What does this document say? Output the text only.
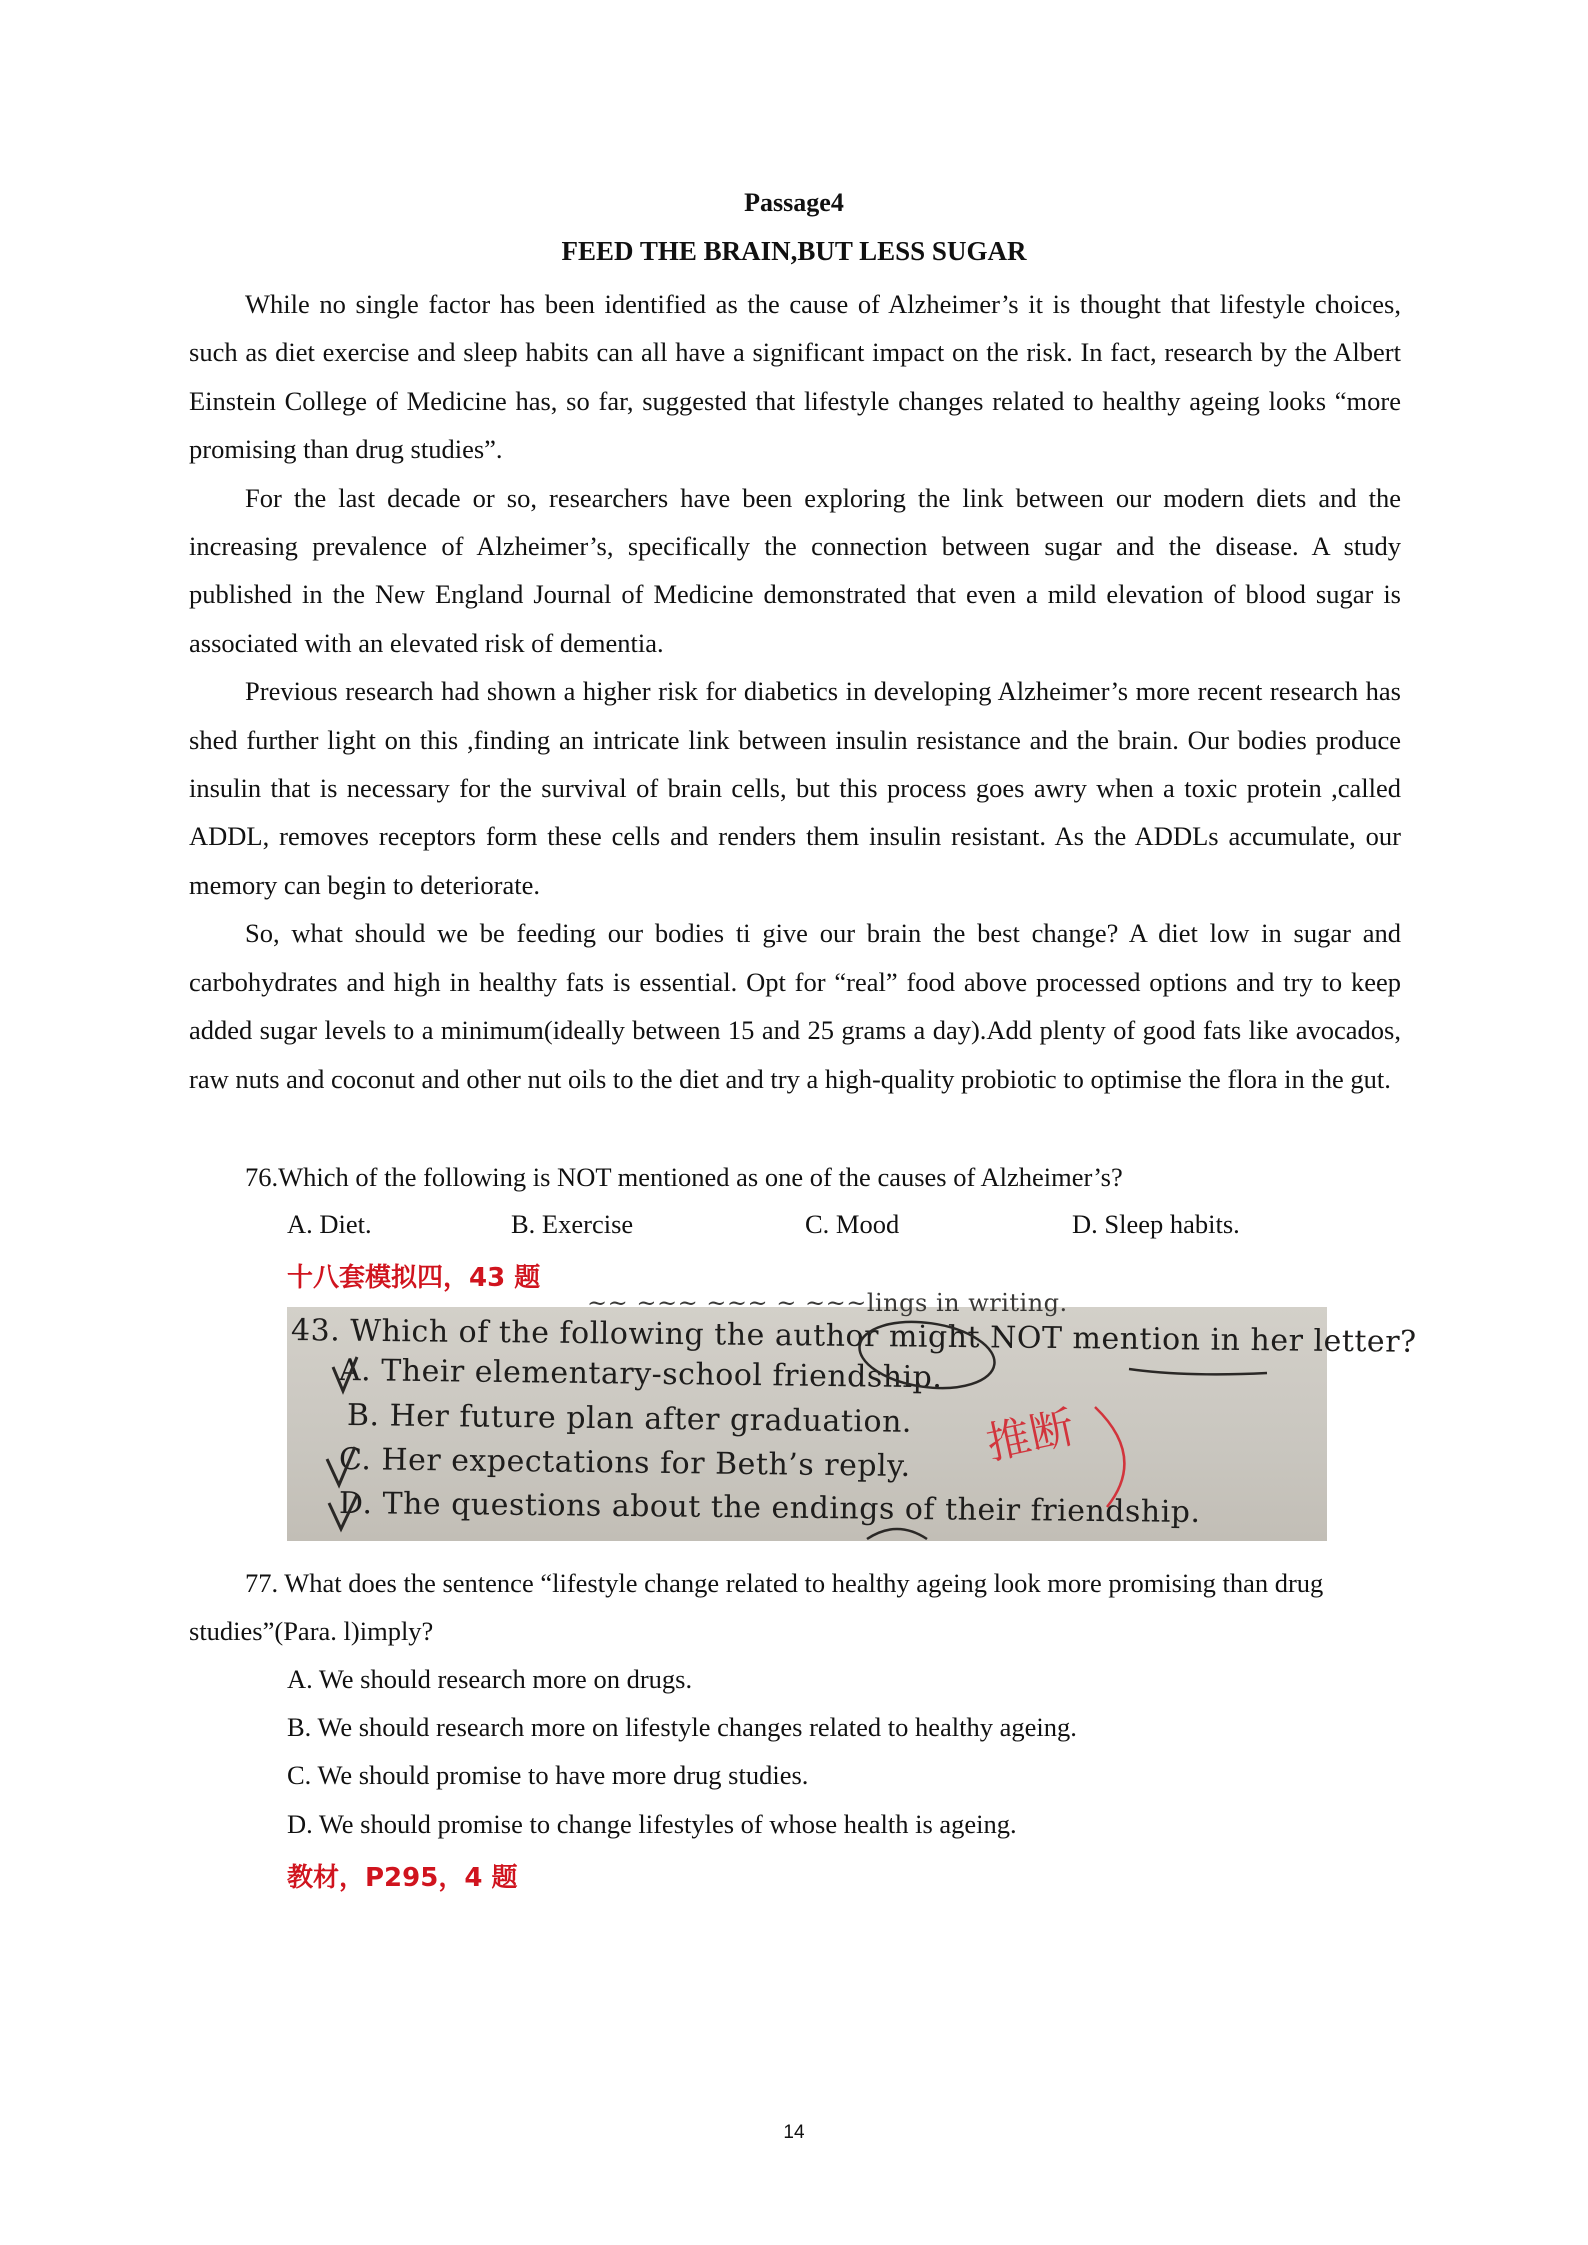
Passage4
FEED THE BRAIN,BUT LESS SUGAR

While no single factor has been identified as the cause of Alzheimer’s it is thought that lifestyle choices, such as diet exercise and sleep habits can all have a significant impact on the risk. In fact, research by the Albert Einstein College of Medicine has, so far, suggested that lifestyle changes related to healthy ageing looks “more promising than drug studies”.

For the last decade or so, researchers have been exploring the link between our modern diets and the increasing prevalence of Alzheimer’s, specifically the connection between sugar and the disease. A study published in the New England Journal of Medicine demonstrated that even a mild elevation of blood sugar is associated with an elevated risk of dementia.

Previous research had shown a higher risk for diabetics in developing Alzheimer’s more recent research has shed further light on this ,finding an intricate link between insulin resistance and the brain. Our bodies produce insulin that is necessary for the survival of brain cells, but this process goes awry when a toxic protein ,called ADDL, removes receptors form these cells and renders them insulin resistant. As the ADDLs accumulate, our memory can begin to deteriorate.

So, what should we be feeding our bodies ti give our brain the best change? A diet low in sugar and carbohydrates and high in healthy fats is essential. Opt for “real” food above processed options and try to keep added sugar levels to a minimum(ideally between 15 and 25 grams a day).Add plenty of good fats like avocados, raw nuts and coconut and other nut oils to the diet and try a high-quality probiotic to optimise the flora in the gut.

76.Which of the following is NOT mentioned as one of the causes of Alzheimer’s?
A. Diet.	B. Exercise	C. Mood	D. Sleep habits.
十八套模拟四，43 题
~~ ~~~ ~~~ ~ ~~~lings in writing.
43. Which of the following the author might NOT mention in her letter?
A. Their elementary-school friendship.
B. Her future plan after graduation.
C. Her expectations for Beth’s reply.
D. The questions about the endings of their friendship.
推断
77. What does the sentence “lifestyle change related to healthy ageing look more promising than drug
studies”(Para. l)imply?
A. We should research more on drugs.
B. We should research more on lifestyle changes related to healthy ageing.
C. We should promise to have more drug studies.
D. We should promise to change lifestyles of whose health is ageing.
教材，P295，4 题
14
